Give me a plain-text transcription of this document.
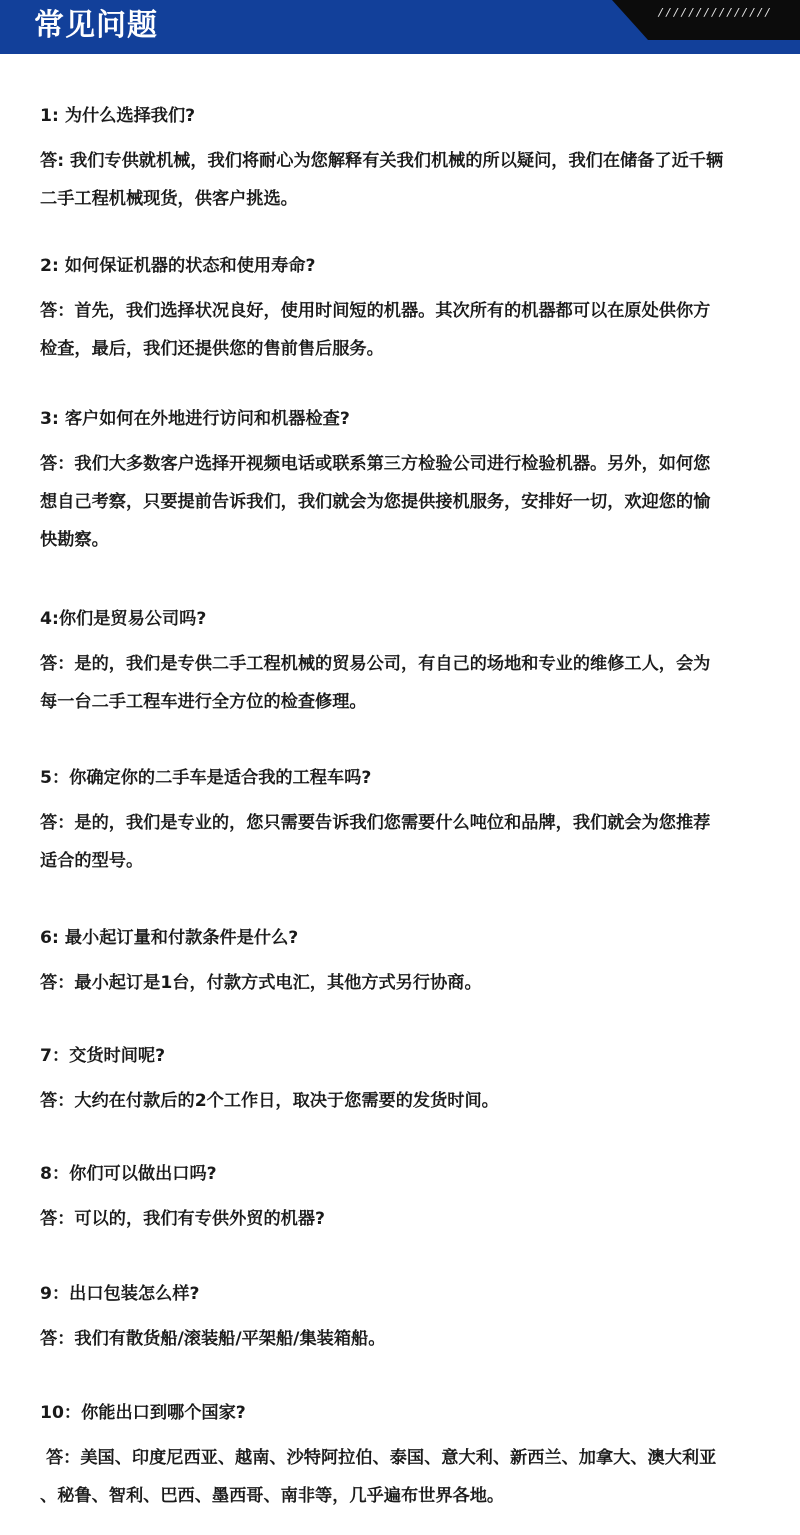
常见问题	///////////////
1: 为什么选择我们?
答: 我们专供就机械，我们将耐心为您解释有关我们机械的所以疑问，我们在储备了近千辆
二手工程机械现货，供客户挑选。
2: 如何保证机器的状态和使用寿命?
答：首先，我们选择状况良好，使用时间短的机器。其次所有的机器都可以在原处供你方
检查，最后，我们还提供您的售前售后服务。
3: 客户如何在外地进行访问和机器检查?
答：我们大多数客户选择开视频电话或联系第三方检验公司进行检验机器。另外，如何您
想自己考察，只要提前告诉我们，我们就会为您提供接机服务，安排好一切，欢迎您的愉
快勘察。
4:你们是贸易公司吗?
答：是的，我们是专供二手工程机械的贸易公司，有自己的场地和专业的维修工人，会为
每一台二手工程车进行全方位的检查修理。
5：你确定你的二手车是适合我的工程车吗?
答：是的，我们是专业的，您只需要告诉我们您需要什么吨位和品牌，我们就会为您推荐
适合的型号。
6: 最小起订量和付款条件是什么?
答：最小起订是1台，付款方式电汇，其他方式另行协商。
7：交货时间呢?
答：大约在付款后的2个工作日，取决于您需要的发货时间。
8：你们可以做出口吗?
答：可以的，我们有专供外贸的机器?
9：出口包装怎么样?
答：我们有散货船/滚装船/平架船/集装箱船。
10：你能出口到哪个国家?
答：美国、印度尼西亚、越南、沙特阿拉伯、泰国、意大利、新西兰、加拿大、澳大利亚
、秘鲁、智利、巴西、墨西哥、南非等，几乎遍布世界各地。
